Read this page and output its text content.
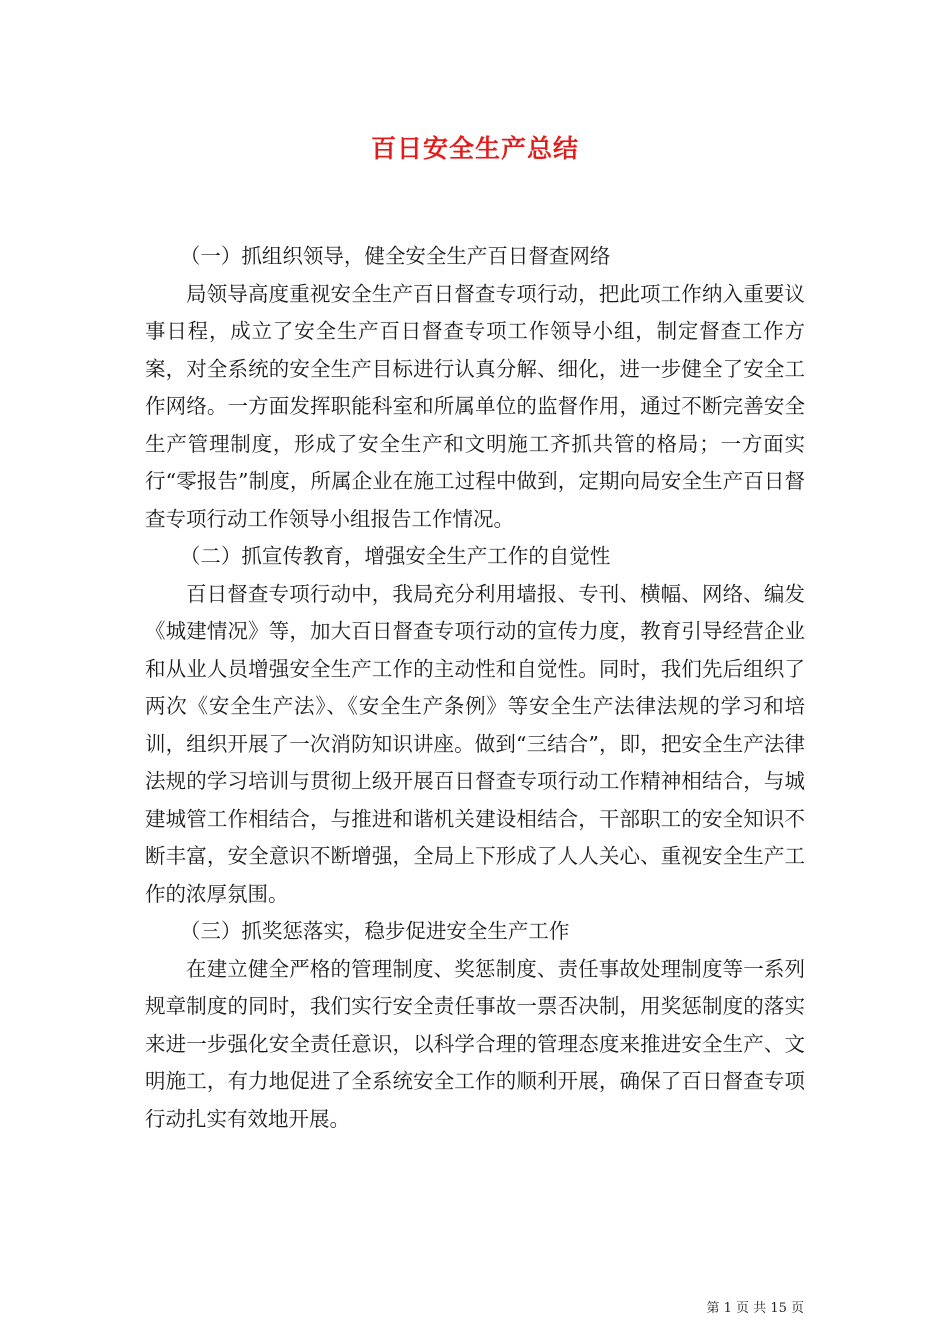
百日安全生产总结

（一）抓组织领导，健全安全生产百日督查网络

局领导高度重视安全生产百日督查专项行动，把此项工作纳入重要议事日程，成立了安全生产百日督查专项工作领导小组，制定督查工作方案，对全系统的安全生产目标进行认真分解、细化，进一步健全了安全工作网络。一方面发挥职能科室和所属单位的监督作用，通过不断完善安全生产管理制度，形成了安全生产和文明施工齐抓共管的格局；一方面实行“零报告”制度，所属企业在施工过程中做到，定期向局安全生产百日督查专项行动工作领导小组报告工作情况。

（二）抓宣传教育，增强安全生产工作的自觉性

百日督查专项行动中，我局充分利用墙报、专刊、横幅、网络、编发《城建情况》等，加大百日督查专项行动的宣传力度，教育引导经营企业和从业人员增强安全生产工作的主动性和自觉性。同时，我们先后组织了两次《安全生产法》、《安全生产条例》等安全生产法律法规的学习和培训，组织开展了一次消防知识讲座。做到“三结合”，即，把安全生产法律法规的学习培训与贯彻上级开展百日督查专项行动工作精神相结合，与城建城管工作相结合，与推进和谐机关建设相结合，干部职工的安全知识不断丰富，安全意识不断增强，全局上下形成了人人关心、重视安全生产工作的浓厚氛围。

（三）抓奖惩落实，稳步促进安全生产工作

在建立健全严格的管理制度、奖惩制度、责任事故处理制度等一系列规章制度的同时，我们实行安全责任事故一票否决制，用奖惩制度的落实来进一步强化安全责任意识，以科学合理的管理态度来推进安全生产、文明施工，有力地促进了全系统安全工作的顺利开展，确保了百日督查专项行动扎实有效地开展。

第 1 页 共 15 页
